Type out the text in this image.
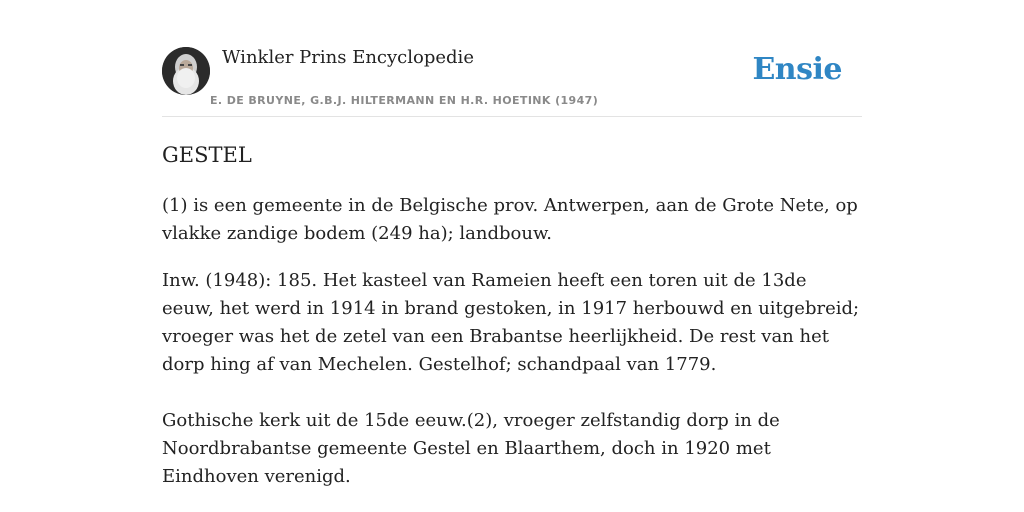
Winkler Prins Encyclopedie
E. DE BRUYNE, G.B.J. HILTERMANN EN H.R. HOETINK (1947)
Ensie
GESTEL

(1) is een gemeente in de Belgische prov. Antwerpen, aan de Grote Nete, op vlakke zandige bodem (249 ha); landbouw.

Inw. (1948): 185. Het kasteel van Rameien heeft een toren uit de 13de eeuw, het werd in 1914 in brand gestoken, in 1917 herbouwd en uitgebreid; vroeger was het de zetel van een Brabantse heerlijkheid. De rest van het dorp hing af van Mechelen. Gestelhof; schandpaal van 1779.

Gothische kerk uit de 15de eeuw.(2), vroeger zelfstandig dorp in de Noordbrabantse gemeente Gestel en Blaarthem, doch in 1920 met Eindhoven verenigd.
